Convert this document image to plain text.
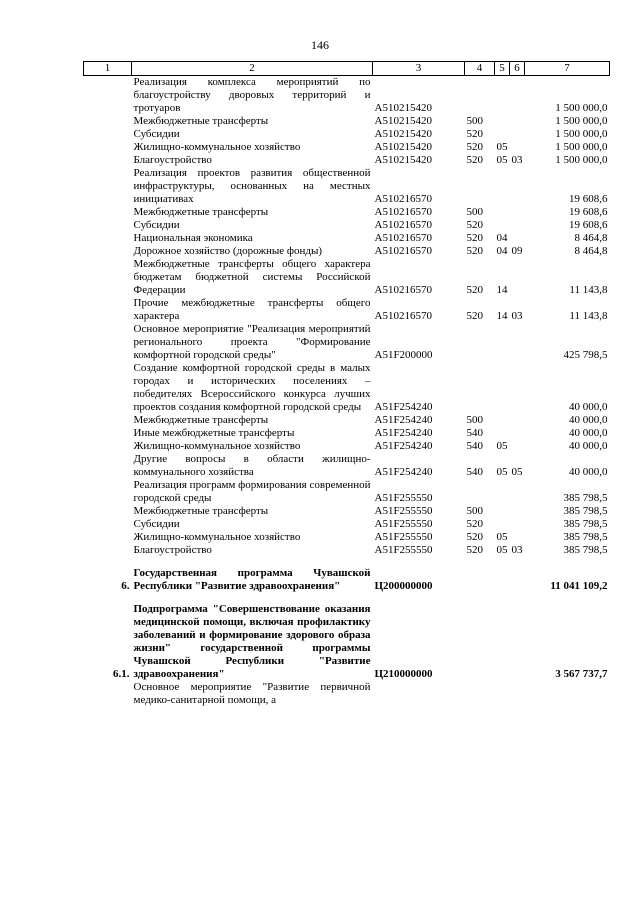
146
1	2	3	4	5	6	7
	Реализация комплекса мероприятий по благоустройству дворовых территорий и тротуаров	А510215420				1 500 000,0
	Межбюджетные трансферты	А510215420	500			1 500 000,0
	Субсидии	А510215420	520			1 500 000,0
	Жилищно-коммунальное хозяйство	А510215420	520	05		1 500 000,0
	Благоустройство	А510215420	520	05	03	1 500 000,0
	Реализация проектов развития общественной инфраструктуры, основанных на местных инициативах	А510216570				19 608,6
	Межбюджетные трансферты	А510216570	500			19 608,6
	Субсидии	А510216570	520			19 608,6
	Национальная экономика	А510216570	520	04		8 464,8
	Дорожное хозяйство (дорожные фонды)	А510216570	520	04	09	8 464,8
	Межбюджетные трансферты общего характера бюджетам бюджетной системы Российской Федерации	А510216570	520	14		11 143,8
	Прочие межбюджетные трансферты общего характера	А510216570	520	14	03	11 143,8
	Основное мероприятие "Реализация мероприятий регионального проекта "Формирование комфортной городской среды"	А51F200000				425 798,5
	Создание комфортной городской среды в малых городах и исторических поселениях – победителях Всероссийского конкурса лучших проектов создания комфортной городской среды	А51F254240				40 000,0
	Межбюджетные трансферты	А51F254240	500			40 000,0
	Иные межбюджетные трансферты	А51F254240	540			40 000,0
	Жилищно-коммунальное хозяйство	А51F254240	540	05		40 000,0
	Другие вопросы в области жилищно-коммунального хозяйства	А51F254240	540	05	05	40 000,0
	Реализация программ формирования современной городской среды	А51F255550				385 798,5
	Межбюджетные трансферты	А51F255550	500			385 798,5
	Субсидии	А51F255550	520			385 798,5
	Жилищно-коммунальное хозяйство	А51F255550	520	05		385 798,5
	Благоустройство	А51F255550	520	05	03	385 798,5

6.	Государственная программа Чувашской Республики "Развитие здравоохранения"	Ц200000000				11 041 109,2

6.1.	Подпрограмма "Совершенствование оказания медицинской помощи, включая профилактику заболеваний и формирование здорового образа жизни" государственной программы Чувашской Республики "Развитие здравоохранения"	Ц210000000				3 567 737,7
	Основное мероприятие "Развитие первичной медико-санитарной помощи, а					
